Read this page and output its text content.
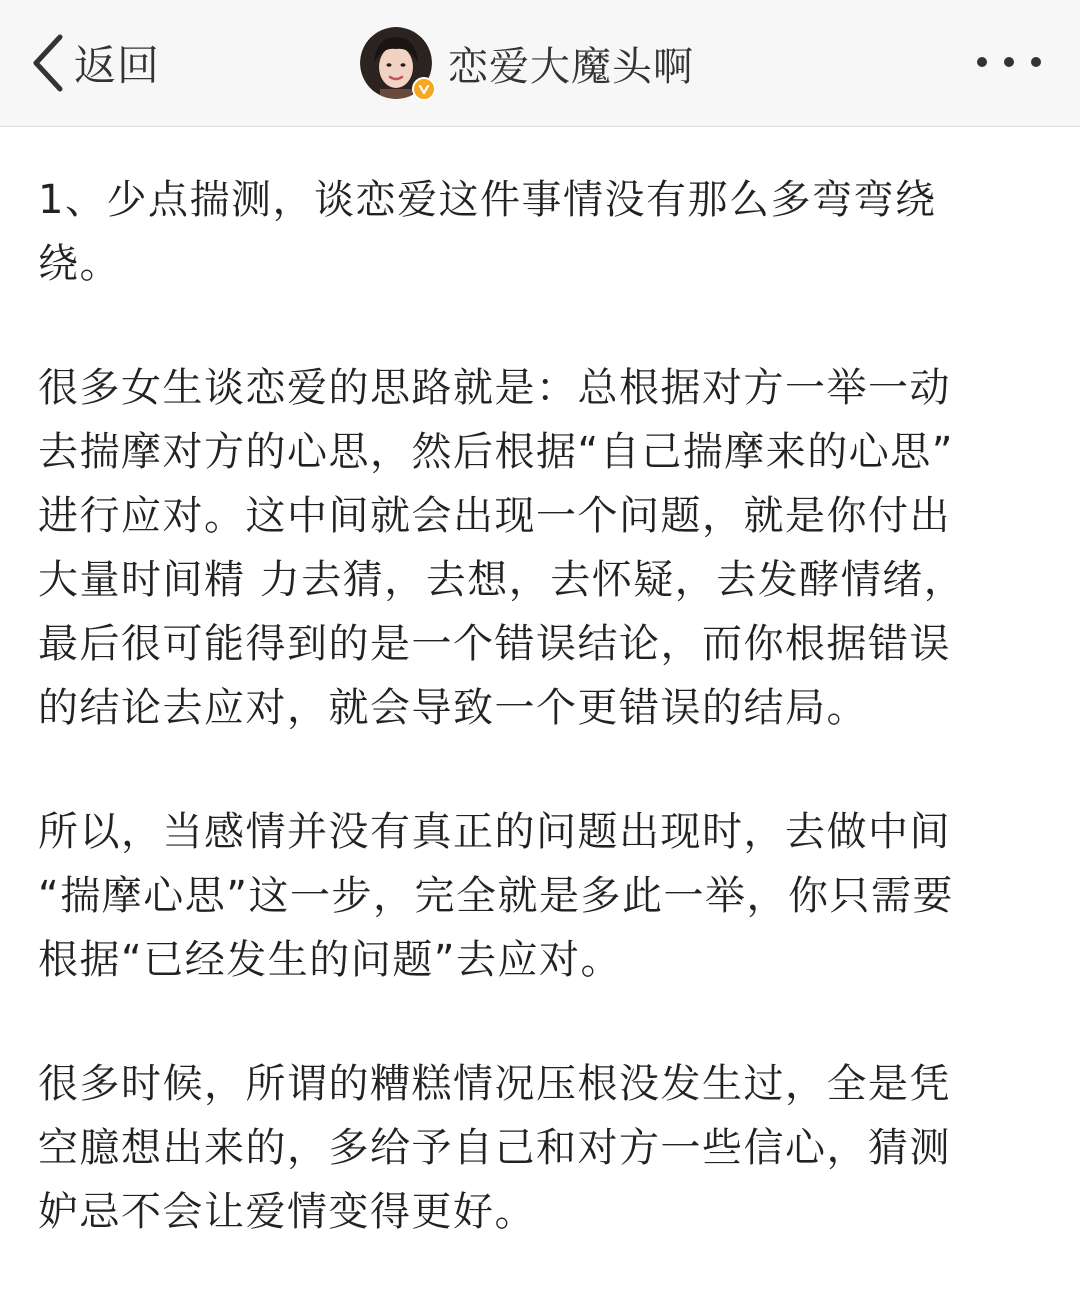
返回	恋爱大魔头啊

1、少点揣测，谈恋爱这件事情没有那么多弯弯绕
绕。

很多女生谈恋爱的思路就是：总根据对方一举一动
去揣摩对方的心思，然后根据“自己揣摩来的心思”
进行应对。这中间就会出现一个问题，就是你付出
大量时间精 力去猜，去想，去怀疑，去发酵情绪，
最后很可能得到的是一个错误结论，而你根据错误
的结论去应对，就会导致一个更错误的结局。

所以，当感情并没有真正的问题出现时，去做中间
“揣摩心思”这一步，完全就是多此一举，你只需要
根据“已经发生的问题”去应对。

很多时候，所谓的糟糕情况压根没发生过，全是凭
空臆想出来的，多给予自己和对方一些信心，猜测
妒忌不会让爱情变得更好。
